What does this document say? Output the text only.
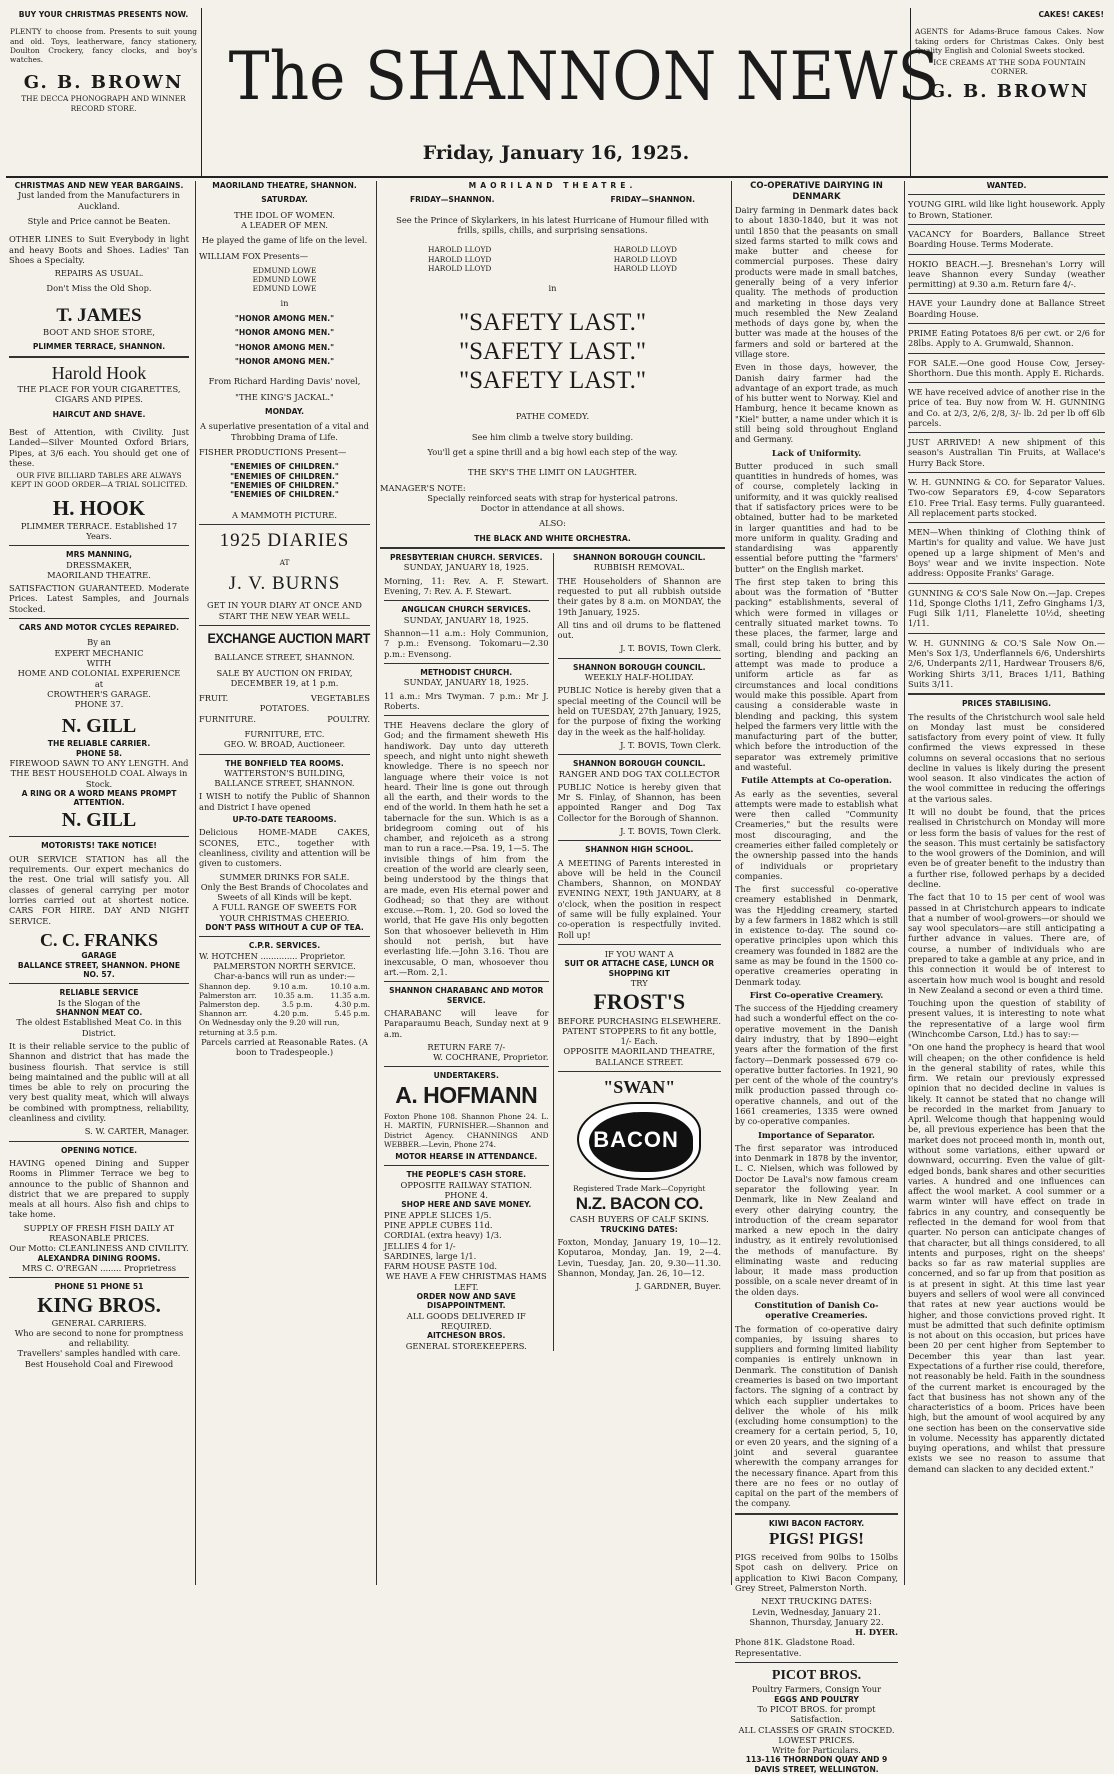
BUY YOUR CHRISTMAS PRESENTS NOW.
PLENTY to choose from. Presents to suit young and old. Toys, leatherware, fancy stationery, Doulton Crockery, fancy clocks, and boy's watches.
G. B. BROWN
THE DECCA PHONOGRAPH AND WINNER RECORD STORE.	The SHANNON NEWS
Friday, January 16, 1925.
CAKES! CAKES!
AGENTS for Adams-Bruce famous Cakes. Now taking orders for Christmas Cakes. Only best Quality English and Colonial Sweets stocked.
ICE CREAMS AT THE SODA FOUNTAIN CORNER.
G. B. BROWN
CHRISTMAS AND NEW YEAR BARGAINS.
Just landed from the Manufacturers in Auckland.
Style and Price cannot be Beaten.
OTHER LINES to Suit Everybody in light and heavy Boots and Shoes. Ladies' Tan Shoes a Specialty.
REPAIRS AS USUAL.
Don't Miss the Old Shop.
T. JAMES
BOOT AND SHOE STORE,
PLIMMER TERRACE, SHANNON.
Harold Hook
THE PLACE FOR YOUR CIGARETTES, CIGARS AND PIPES.
HAIRCUT AND SHAVE.
Best of Attention, with Civility. Just Landed—Silver Mounted Oxford Briars, Pipes, at 3/6 each. You should get one of these.
OUR FIVE BILLIARD TABLES ARE ALWAYS KEPT IN GOOD ORDER—A TRIAL SOLICITED.
H. HOOK
PLIMMER TERRACE. Established 17 Years.
MRS MANNING,
DRESSMAKER,
MAORILAND THEATRE.
SATISFACTION GUARANTEED. Moderate Prices. Latest Samples, and Journals Stocked.
CARS AND MOTOR CYCLES REPAIRED.
By an
EXPERT MECHANIC
WITH
HOME AND COLONIAL EXPERIENCE
at
CROWTHER'S GARAGE.
PHONE 37.
N. GILL
THE RELIABLE CARRIER.
PHONE 58.
FIREWOOD SAWN TO ANY LENGTH. And THE BEST HOUSEHOLD COAL Always in Stock.
A RING OR A WORD MEANS PROMPT ATTENTION.
N. GILL
MOTORISTS! TAKE NOTICE!
OUR SERVICE STATION has all the requirements. Our expert mechanics do the rest. One trial will satisfy you. All classes of general carrying per motor lorries carried out at shortest notice. CARS FOR HIRE. DAY AND NIGHT SERVICE.
C. C. FRANKS
GARAGE
BALLANCE STREET, SHANNON. PHONE NO. 57.
RELIABLE SERVICE
Is the Slogan of the
SHANNON MEAT CO.
The oldest Established Meat Co. in this District.
It is their reliable service to the public of Shannon and district that has made the business flourish. That service is still being maintained and the public will at all times be able to rely on procuring the very best quality meat, which will always be combined with promptness, reliability, cleanliness and civility.
S. W. CARTER, Manager.
OPENING NOTICE.
HAVING opened Dining and Supper Rooms in Plimmer Terrace we beg to announce to the public of Shannon and district that we are prepared to supply meals at all hours. Also fish and chips to take home.
SUPPLY OF FRESH FISH DAILY AT REASONABLE PRICES.
Our Motto: CLEANLINESS AND CIVILITY.
ALEXANDRA DINING ROOMS.
MRS C. O'REGAN ........ Proprietress
PHONE 51 PHONE 51
KING BROS.
GENERAL CARRIERS.
Who are second to none for promptness and reliability.
Travellers' samples handled with care.
Best Household Coal and Firewood
MAORILAND THEATRE, SHANNON.
SATURDAY.
THE IDOL OF WOMEN.
A LEADER OF MEN.
He played the game of life on the level.
WILLIAM FOX Presents—
EDMUND LOWE
EDMUND LOWE
EDMUND LOWE
in
"HONOR AMONG MEN."
"HONOR AMONG MEN."
"HONOR AMONG MEN."
"HONOR AMONG MEN."
From Richard Harding Davis' novel,
"THE KING'S JACKAL."
MONDAY.
A superlative presentation of a vital and Throbbing Drama of Life.
FISHER PRODUCTIONS Present—
"ENEMIES OF CHILDREN."
"ENEMIES OF CHILDREN."
"ENEMIES OF CHILDREN."
"ENEMIES OF CHILDREN."
A MAMMOTH PICTURE.
1925 DIARIES
AT
J. V. BURNS
GET IN YOUR DIARY AT ONCE AND START THE NEW YEAR WELL.
EXCHANGE AUCTION MART
BALLANCE STREET, SHANNON.
SALE BY AUCTION ON FRIDAY, DECEMBER 19, at 1 p.m.
FRUIT.	VEGETABLES
POTATOES.
FURNITURE.	POULTRY.
FURNITURE, ETC.
GEO. W. BROAD, Auctioneer.
THE BONFIELD TEA ROOMS.
WATTERSTON'S BUILDING, BALLANCE STREET, SHANNON.
I WISH to notify the Public of Shannon and District I have opened
UP-TO-DATE TEAROOMS.
Delicious HOME-MADE CAKES, SCONES, ETC., together with cleanliness, civility and attention will be given to customers.
SUMMER DRINKS FOR SALE.
Only the Best Brands of Chocolates and Sweets of all Kinds will be kept.
A FULL RANGE OF SWEETS FOR YOUR CHRISTMAS CHEERIO.
DON'T PASS WITHOUT A CUP OF TEA.
C.P.R. SERVICES.
W. HOTCHEN .............. Proprietor.
PALMERSTON NORTH SERVICE.
Char-a-bancs will run as under:—
Shannon dep.	9.10 a.m.	10.10 a.m.
Palmerston arr. 10.35 a.m. 11.35 a.m.
Palmerston dep.	3.5 p.m.	4.30 p.m.
Shannon arr.	4.20 p.m.	5.45 p.m.
On Wednesday only the 9.20 will run, returning at 3.5 p.m.
Parcels carried at Reasonable Rates. (A boon to Tradespeople.)
MAORILAND THEATRE.
FRIDAY—SHANNON.	FRIDAY—SHANNON.
See the Prince of Skylarkers, in his latest Hurricane of Humour filled with frills, spills, chills, and surprising sensations.
HAROLD LLOYD	HAROLD LLOYD
HAROLD LLOYD	HAROLD LLOYD
HAROLD LLOYD	HAROLD LLOYD
in
"SAFETY LAST."
"SAFETY LAST."
"SAFETY LAST."
PATHE COMEDY.
See him climb a twelve story building.
You'll get a spine thrill and a big howl each step of the way.
THE SKY'S THE LIMIT ON LAUGHTER.
MANAGER'S NOTE:
Specially reinforced seats with strap for hysterical patrons. Doctor in attendance at all shows.
ALSO:
THE BLACK AND WHITE ORCHESTRA.
PRESBYTERIAN CHURCH. SERVICES.
SUNDAY, JANUARY 18, 1925.
Morning, 11: Rev. A. F. Stewart. Evening, 7: Rev. A. F. Stewart.
ANGLICAN CHURCH SERVICES.
SUNDAY, JANUARY 18, 1925.
Shannon—11 a.m.: Holy Communion, 7 p.m.: Evensong. Tokomaru—2.30 p.m.: Evensong.
METHODIST CHURCH.
SUNDAY, JANUARY 18, 1925.
11 a.m.: Mrs Twyman. 7 p.m.: Mr J. Roberts.
THE Heavens declare the glory of God; and the firmament sheweth His handiwork. Day unto day uttereth speech, and night unto night sheweth knowledge. There is no speech nor language where their voice is not heard. Their line is gone out through all the earth, and their words to the end of the world. In them hath he set a tabernacle for the sun. Which is as a bridegroom coming out of his chamber, and rejoiceth as a strong man to run a race.—Psa. 19, 1—5. The invisible things of him from the creation of the world are clearly seen, being understood by the things that are made, even His eternal power and Godhead; so that they are without excuse.—Rom. 1, 20. God so loved the world, that He gave His only begotten Son that whosoever believeth in Him should not perish, but have everlasting life.—John 3.16. Thou are inexcusable, O man, whosoever thou art.—Rom. 2,1.
SHANNON CHARABANC AND MOTOR SERVICE.
CHARABANC will leave for Paraparaumu Beach, Sunday next at 9 a.m.
RETURN FARE 7/-
W. COCHRANE, Proprietor.
UNDERTAKERS.
A. HOFMANN
Foxton Phone 108. Shannon Phone 24. L. H. MARTIN, FURNISHER.—Shannon and District Agency. CHANNINGS AND WEBBER.—Levin, Phone 274.
MOTOR HEARSE IN ATTENDANCE.
THE PEOPLE'S CASH STORE.
OPPOSITE RAILWAY STATION. PHONE 4.
SHOP HERE AND SAVE MONEY.
PINE APPLE SLICES 1/5.
PINE APPLE CUBES 11d.
CORDIAL (extra heavy) 1/3.
JELLIES 4 for 1/-
SARDINES, large 1/1.
FARM HOUSE PASTE 10d.
WE HAVE A FEW CHRISTMAS HAMS LEFT.
ORDER NOW AND SAVE DISAPPOINTMENT.
ALL GOODS DELIVERED IF REQUIRED.
AITCHESON BROS.
GENERAL STOREKEEPERS.
SHANNON BOROUGH COUNCIL.
RUBBISH REMOVAL.
THE Householders of Shannon are requested to put all rubbish outside their gates by 8 a.m. on MONDAY, the 19th January, 1925.
All tins and oil drums to be flattened out.
J. T. BOVIS, Town Clerk.
SHANNON BOROUGH COUNCIL.
WEEKLY HALF-HOLIDAY.
PUBLIC Notice is hereby given that a special meeting of the Council will be held on TUESDAY, 27th January, 1925, for the purpose of fixing the working day in the week as the half-holiday.
J. T. BOVIS, Town Clerk.
SHANNON BOROUGH COUNCIL.
RANGER AND DOG TAX COLLECTOR
PUBLIC Notice is hereby given that Mr S. Finlay, of Shannon, has been appointed Ranger and Dog Tax Collector for the Borough of Shannon.
J. T. BOVIS, Town Clerk.
SHANNON HIGH SCHOOL.
A MEETING of Parents interested in above will be held in the Council Chambers, Shannon, on MONDAY EVENING NEXT, 19th JANUARY, at 8 o'clock, when the position in respect of same will be fully explained. Your co-operation is respectfully invited. Roll up!
IF YOU WANT A
SUIT OR ATTACHE CASE, LUNCH OR SHOPPING KIT
TRY
FROST'S
BEFORE PURCHASING ELSEWHERE.
PATENT STOPPERS to fit any bottle, 1/- Each.
OPPOSITE MAORILAND THEATRE, BALLANCE STREET.
"SWAN"
BACON
Registered Trade Mark—Copyright
N.Z. BACON CO.
CASH BUYERS OF CALF SKINS.
TRUCKING DATES:
Foxton, Monday, January 19, 10—12. Koputaroa, Monday, Jan. 19, 2—4. Levin, Tuesday, Jan. 20, 9.30—11.30. Shannon, Monday, Jan. 26, 10—12.
J. GARDNER, Buyer.
CO-OPERATIVE DAIRYING IN DENMARK
Dairy farming in Denmark dates back to about 1830-1840, but it was not until 1850 that the peasants on small sized farms started to milk cows and make butter and cheese for commercial purposes. These dairy products were made in small batches, generally being of a very inferior quality. The methods of production and marketing in those days very much resembled the New Zealand methods of days gone by, when the butter was made at the houses of the farmers and sold or bartered at the village store.
Even in those days, however, the Danish dairy farmer had the advantage of an export trade, as much of his butter went to Norway. Kiel and Hamburg, hence it became known as "Kiel" butter, a name under which it is still being sold throughout England and Germany.
Lack of Uniformity.
Butter produced in such small quantities in hundreds of homes, was of course, completely lacking in uniformity, and it was quickly realised that if satisfactory prices were to be obtained, butter had to be marketed in larger quantities and had to be more uniform in quality. Grading and standardising was apparently essential before putting the "farmers' butter" on the English market.
The first step taken to bring this about was the formation of "Butter packing" establishments, several of which were formed in villages or centrally situated market towns. To these places, the farmer, large and small, could bring his butter, and by sorting, blending and packing an attempt was made to produce a uniform article as far as circumstances and local conditions would make this possible. Apart from causing a considerable waste in blending and packing, this system helped the farmers very little with the manufacturing part of the butter, which before the introduction of the separator was extremely primitive and wasteful.
Futile Attempts at Co-operation.
As early as the seventies, several attempts were made to establish what were then called "Community Creameries," but the results were most discouraging, and the creameries either failed completely or the ownership passed into the hands of individuals or proprietary companies.
The first successful co-operative creamery established in Denmark, was the Hjedding creamery, started by a few farmers in 1882 which is still in existence to-day. The sound co-operative principles upon which this creamery was founded in 1882 are the same as may be found in the 1500 co-operative creameries operating in Denmark today.
First Co-operative Creamery.
The success of the Hjedding creamery had such a wonderful effect on the co-operative movement in the Danish dairy industry, that by 1890—eight years after the formation of the first factory—Denmark possessed 679 co-operative butter factories. In 1921, 90 per cent of the whole of the country's milk production passed through co-operative channels, and out of the 1661 creameries, 1335 were owned by co-operative companies.
Importance of Separator.
The first separator was introduced into Denmark in 1878 by the inventor, L. C. Nielsen, which was followed by Doctor De Laval's now famous cream separator the following year. In Denmark, like in New Zealand and every other dairying country, the introduction of the cream separator marked a new epoch in the dairy industry, as it entirely revolutionised the methods of manufacture. By eliminating waste and reducing labour, it made mass production possible, on a scale never dreamt of in the olden days.
Constitution of Danish Co-operative Creameries.
The formation of co-operative dairy companies, by issuing shares to suppliers and forming limited liability companies is entirely unknown in Denmark. The constitution of Danish creameries is based on two important factors. The signing of a contract by which each supplier undertakes to deliver the whole of his milk (excluding home consumption) to the creamery for a certain period, 5, 10, or even 20 years, and the signing of a joint and several guarantee wherewith the company arranges for the necessary finance. Apart from this there are no fees or no outlay of capital on the part of the members of the company.
KIWI BACON FACTORY.
PIGS! PIGS!
PIGS received from 90lbs to 150lbs Spot cash on delivery. Price on application to Kiwi Bacon Company, Grey Street, Palmerston North.
NEXT TRUCKING DATES:
Levin, Wednesday, January 21. Shannon, Thursday, January 22.
H. DYER.
Phone 81K. Gladstone Road. Representative.
PICOT BROS.
Poultry Farmers, Consign Your
EGGS AND POULTRY
To PICOT BROS. for prompt Satisfaction.
ALL CLASSES OF GRAIN STOCKED.
LOWEST PRICES.
Write for Particulars.
113-116 THORNDON QUAY AND 9 DAVIS STREET, WELLINGTON.
WANTED.
YOUNG GIRL wild like light housework. Apply to Brown, Stationer.
VACANCY for Boarders, Ballance Street Boarding House. Terms Moderate.
HOKIO BEACH.—J. Bresnehan's Lorry will leave Shannon every Sunday (weather permitting) at 9.30 a.m. Return fare 4/-.
HAVE your Laundry done at Ballance Street Boarding House.
PRIME Eating Potatoes 8/6 per cwt. or 2/6 for 28lbs. Apply to A. Grumwald, Shannon.
FOR SALE.—One good House Cow, Jersey-Shorthorn. Due this month. Apply E. Richards.
WE have received advice of another rise in the price of tea. Buy now from W. H. GUNNING and Co. at 2/3, 2/6, 2/8, 3/- lb. 2d per lb off 6lb parcels.
JUST ARRIVED! A new shipment of this season's Australian Tin Fruits, at Wallace's Hurry Back Store.
W. H. GUNNING & CO. for Separator Values. Two-cow Separators £9, 4-cow Separators £10. Free Trial. Easy terms. Fully guaranteed. All replacement parts stocked.
MEN—When thinking of Clothing think of Martin's for quality and value. We have just opened up a large shipment of Men's and Boys' wear and we invite inspection. Note address: Opposite Franks' Garage.
GUNNING & CO'S Sale Now On.—Jap. Crepes 11d, Sponge Cloths 1/11, Zefro Ginghams 1/3, Fugi Silk 1/11, Flanelette 10½d, sheeting 1/11.
W. H. GUNNING & CO.'S Sale Now On.—Men's Sox 1/3, Underflannels 6/6, Undershirts 2/6, Underpants 2/11, Hardwear Trousers 8/6, Working Shirts 3/11, Braces 1/11, Bathing Suits 3/11.
PRICES STABILISING.
The results of the Christchurch wool sale held on Monday last must be considered satisfactory from every point of view. It fully confirmed the views expressed in these columns on several occasions that no serious decline in values is likely during the present wool season. It also vindicates the action of the wool committee in reducing the offerings at the various sales.
It will no doubt be found, that the prices realised in Christchurch on Monday will more or less form the basis of values for the rest of the season. This must certainly be satisfactory to the wool growers of the Dominion, and will even be of greater benefit to the industry than a further rise, followed perhaps by a decided decline.
The fact that 10 to 15 per cent of wool was passed in at Christchurch appears to indicate that a number of wool-growers—or should we say wool speculators—are still anticipating a further advance in values. There are, of course, a number of individuals who are prepared to take a gamble at any price, and in this connection it would be of interest to ascertain how much wool is bought and resold in New Zealand a second or even a third time.
Touching upon the question of stability of present values, it is interesting to note what the representative of a large wool firm (Winchcombe Carson, Ltd.) has to say:—
"On one hand the prophecy is heard that wool will cheapen; on the other confidence is held in the general stability of rates, while this firm. We retain our previously expressed opinion that no decided decline in values is likely. It cannot be stated that no change will be recorded in the market from January to April. Welcome though that happening would be, all previous experience has been that the market does not proceed month in, month out, without some variations, either upward or downward, occurring. Even the value of gilt-edged bonds, bank shares and other securities varies. A hundred and one influences can affect the wool market. A cool summer or a warm winter will have effect on trade in fabrics in any country, and consequently be reflected in the demand for wool from that quarter. No person can anticipate changes of that character, but all things considered, to all intents and purposes, right on the sheeps' backs so far as raw material supplies are concerned, and so far up from that position as is at present in sight. At this time last year buyers and sellers of wool were all convinced that rates at new year auctions would be higher, and those convictions proved right. It must be admitted that such definite optimism is not about on this occasion, but prices have been 20 per cent higher from September to December this year than last year. Expectations of a further rise could, therefore, not reasonably be held. Faith in the soundness of the current market is encouraged by the fact that business has not shown any of the characteristics of a boom. Prices have been high, but the amount of wool acquired by any one section has been on the conservative side in volume. Necessity has apparently dictated buying operations, and whilst that pressure exists we see no reason to assume that demand can slacken to any decided extent."
